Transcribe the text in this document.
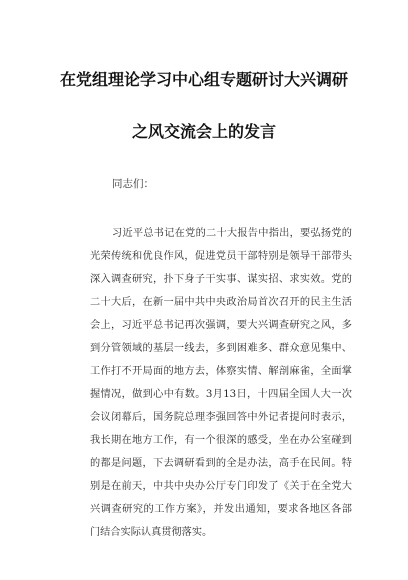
在党组理论学习中心组专题研讨大兴调研
之风交流会上的发言
同志们：
习近平总书记在党的二十大报告中指出，要弘扬党的
光荣传统和优良作风，促进党员干部特别是领导干部带头
深入调查研究，扑下身子干实事、谋实招、求实效。党的
二十大后，在新一届中共中央政治局首次召开的民主生活
会上，习近平总书记再次强调，要大兴调查研究之风，多
到分管领域的基层一线去，多到困难多、群众意见集中、
工作打不开局面的地方去，体察实情、解剖麻雀，全面掌
握情况，做到心中有数。3月13日，十四届全国人大一次
会议闭幕后，国务院总理李强回答中外记者提问时表示，
我长期在地方工作，有一个很深的感受，坐在办公室碰到
的都是问题，下去调研看到的全是办法，高手在民间。特
别是在前天，中共中央办公厅专门印发了《关于在全党大
兴调查研究的工作方案》，并发出通知，要求各地区各部
门结合实际认真贯彻落实。
